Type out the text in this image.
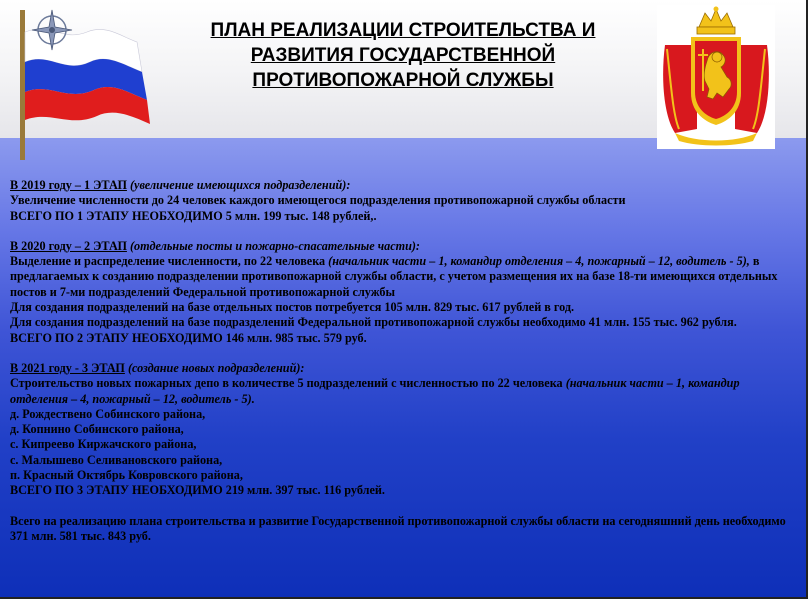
ПЛАН РЕАЛИЗАЦИИ СТРОИТЕЛЬСТВА И
РАЗВИТИЯ ГОСУДАРСТВЕННОЙ
ПРОТИВОПОЖАРНОЙ СЛУЖБЫ

В 2019 году – 1 ЭТАП (увеличение имеющихся подразделений):

Увеличение численности до 24 человек каждого имеющегося подразделения противопожарной службы области

ВСЕГО ПО 1 ЭТАПУ НЕОБХОДИМО 5 млн. 199 тыс. 148 рублей,.

В 2020 году – 2 ЭТАП (отдельные посты и пожарно-спасательные части):

Выделение и распределение численности, по 22 человека (начальник части – 1, командир отделения – 4, пожарный – 12, водитель - 5), в предлагаемых к созданию подразделении противопожарной службы области, с учетом размещения их на базе 18-ти имеющихся отдельных постов и 7-ми подразделений Федеральной противопожарной службы

Для создания подразделений на базе отдельных постов потребуется 105 млн. 829 тыс. 617 рублей в год.

Для создания подразделений на базе подразделений Федеральной противопожарной службы необходимо 41 млн. 155 тыс. 962 рубля.

ВСЕГО ПО 2 ЭТАПУ НЕОБХОДИМО 146 млн. 985 тыс. 579 руб.

В 2021 году - 3 ЭТАП (создание новых подразделений):

Строительство новых пожарных депо в количестве 5 подразделений с численностью по 22 человека (начальник части – 1, командир отделения – 4, пожарный – 12, водитель - 5).

д. Рождествено Собинского района,

д. Копнино Собинского района,

с. Кипреево Киржачского района,

с. Малышево Селивановского района,

п. Красный Октябрь Ковровского района,

ВСЕГО ПО 3 ЭТАПУ НЕОБХОДИМО 219 млн. 397 тыс. 116 рублей.

Всего на реализацию плана строительства и развитие Государственной противопожарной службы области на сегодняшний день необходимо 371 млн. 581 тыс. 843 руб.
